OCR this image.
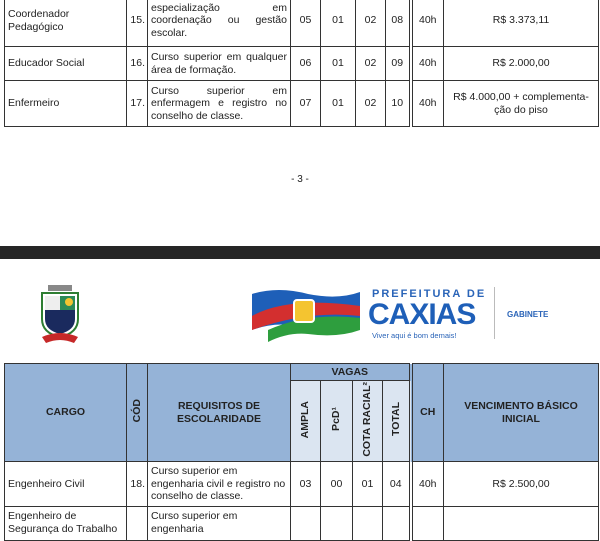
Coordenador Pedagógico	15.	especialização em coordenação ou gestão escolar.	05	01	02	08	40h	R$ 3.373,11
Educador Social	16.	Curso superior em qualquer área de formação.	06	01	02	09	40h	R$ 2.000,00
Enfermeiro	17.	Curso superior em enfermagem e registro no conselho de classe.	07	01	02	10	40h	R$ 4.000,00 + complementa-ção do piso
- 3 -
PREFEITURA DE
CAXIAS
Viver aqui é bom demais!
GABINETE
CARGO	CÓD	REQUISITOS DE ESCOLARIDADE	VAGAS				CH	VENCIMENTO BÁSICO INICIAL
			AMPLA	PcD¹	COTA RACIAL²	TOTAL		
Engenheiro Civil	18.	Curso superior em engenharia civil e registro no conselho de classe.	03	00	01	04	40h	R$ 2.500,00
Engenheiro de Segurança do Trabalho		Curso superior em engenharia						
